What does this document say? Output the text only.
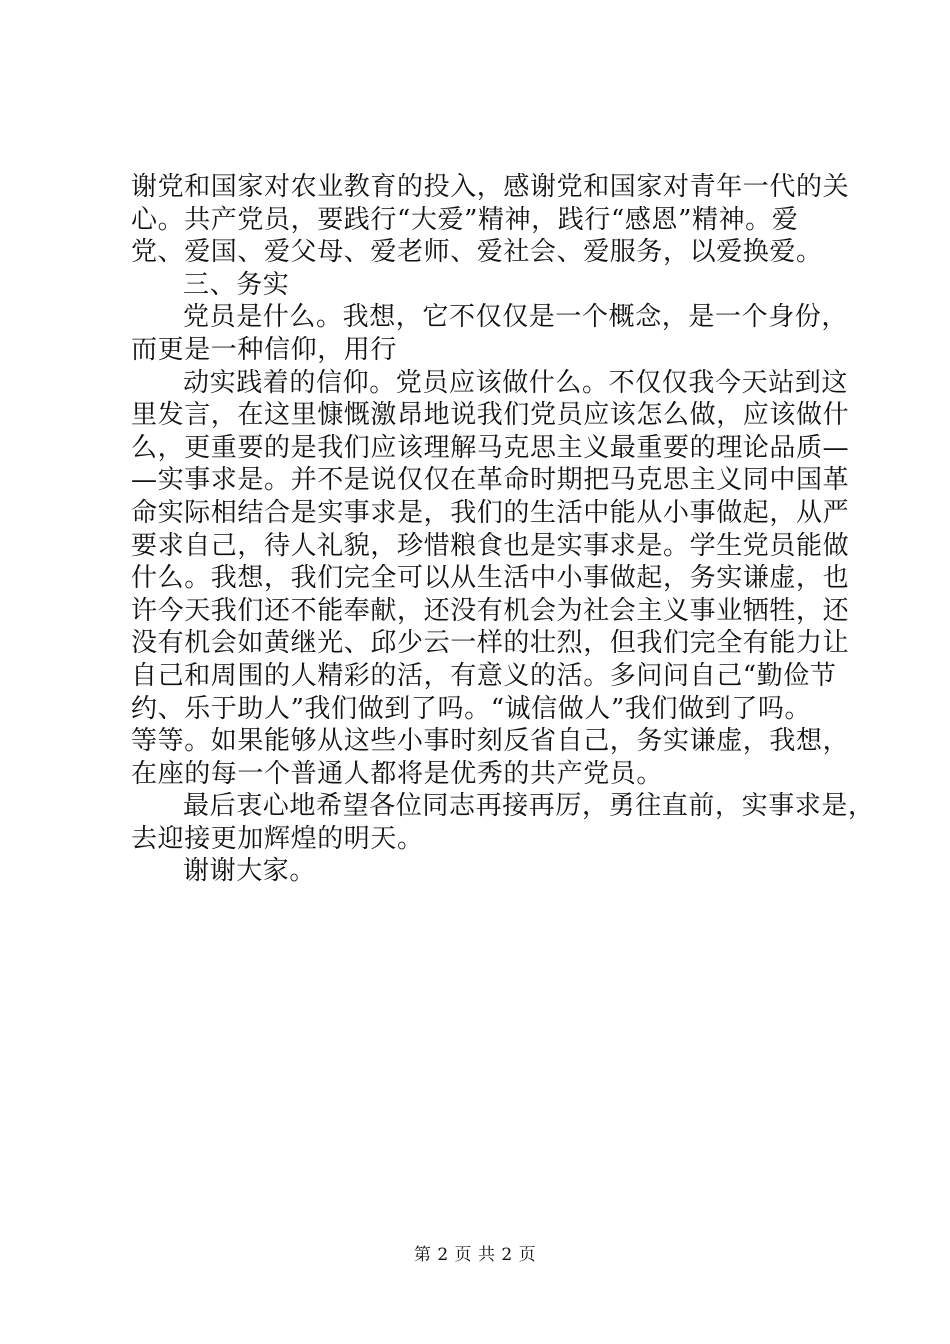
谢党和国家对农业教育的投入，感谢党和国家对青年一代的关
心。共产党员，要践行“大爱”精神，践行“感恩”精神。爱
党、爱国、爱父母、爱老师、爱社会、爱服务，以爱换爱。
三、务实
党员是什么。我想，它不仅仅是一个概念，是一个身份，
而更是一种信仰，用行
动实践着的信仰。党员应该做什么。不仅仅我今天站到这
里发言，在这里慷慨激昂地说我们党员应该怎么做，应该做什
么，更重要的是我们应该理解马克思主义最重要的理论品质—
—实事求是。并不是说仅仅在革命时期把马克思主义同中国革
命实际相结合是实事求是，我们的生活中能从小事做起，从严
要求自己，待人礼貌，珍惜粮食也是实事求是。学生党员能做
什么。我想，我们完全可以从生活中小事做起，务实谦虚，也
许今天我们还不能奉献，还没有机会为社会主义事业牺牲，还
没有机会如黄继光、邱少云一样的壮烈，但我们完全有能力让
自己和周围的人精彩的活，有意义的活。多问问自己“勤俭节
约、乐于助人”我们做到了吗。“诚信做人”我们做到了吗。
等等。如果能够从这些小事时刻反省自己，务实谦虚，我想，
在座的每一个普通人都将是优秀的共产党员。
最后衷心地希望各位同志再接再厉，勇往直前，实事求是，
去迎接更加辉煌的明天。
谢谢大家。
第 2 页 共 2 页
